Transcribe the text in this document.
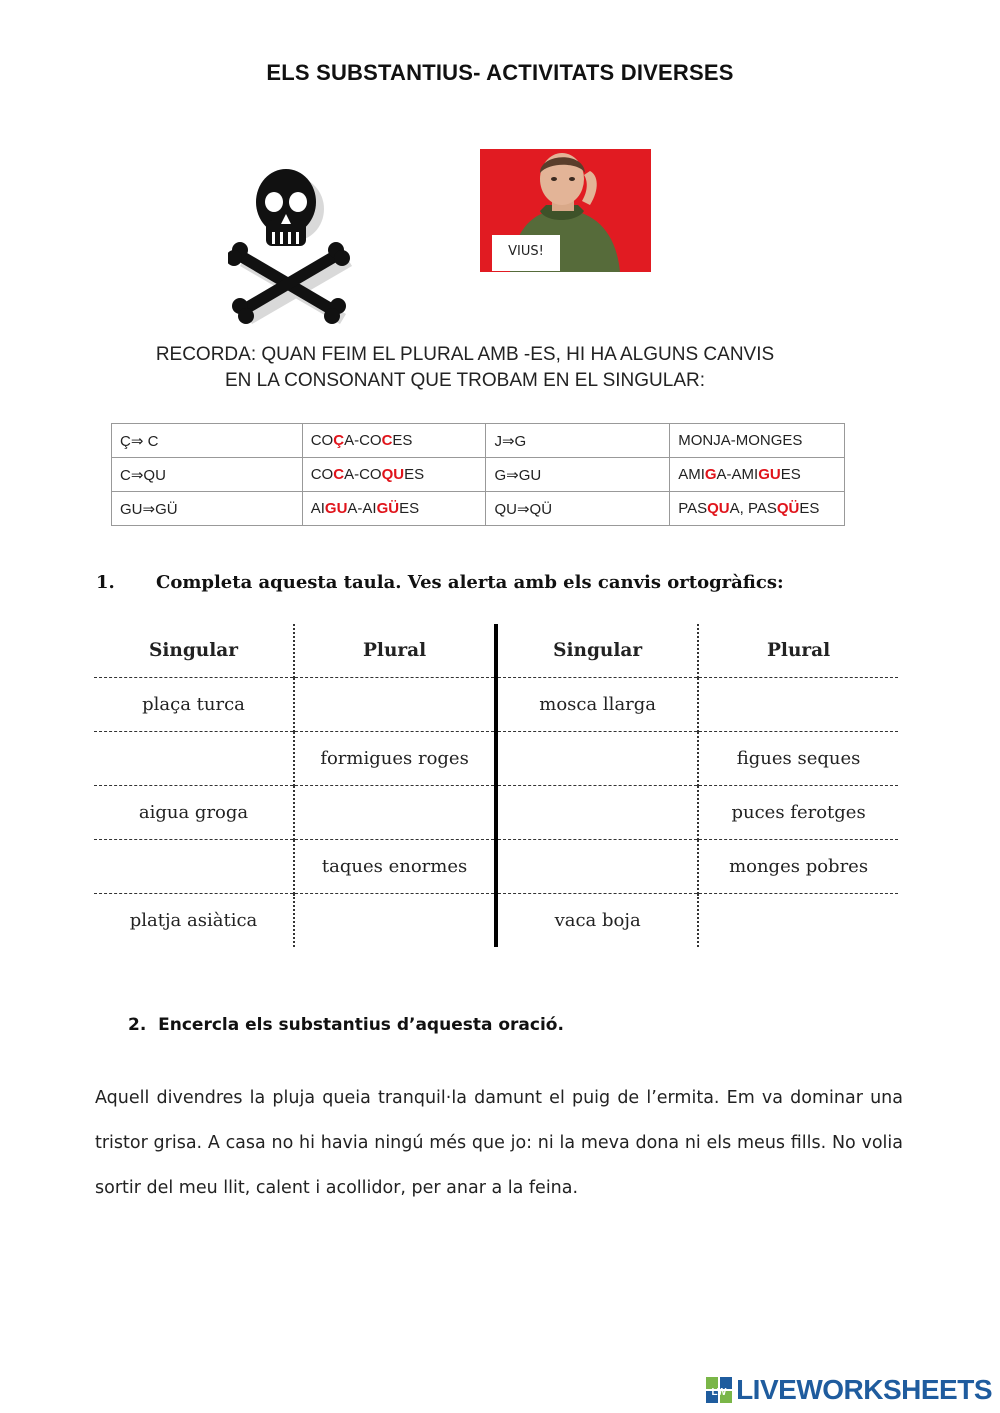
ELS SUBSTANTIUS- ACTIVITATS DIVERSES
VIUS!
RECORDA: QUAN FEIM EL PLURAL AMB -ES, HI HA ALGUNS CANVIS
EN LA CONSONANT QUE TROBAM EN EL SINGULAR:
Ç⇒ C	COÇA-COCES	J⇒G	MONJA-MONGES
C⇒QU	COCA-COQUES	G⇒GU	AMIGA-AMIGUES
GU⇒GÜ	AIGUA-AIGÜES	QU⇒QÜ	PASQUA, PASQÜES
1. Completa aquesta taula. Ves alerta amb els canvis ortogràfics:
Singular	Plural	Singular	Plural
plaça turca		mosca llarga	
	formigues roges		figues seques
aigua groga			puces ferotges
	taques enormes		monges pobres
platja asiàtica		vaca boja	
2. Encercla els substantius d’aquesta oració.
Aquell divendres la pluja queia tranquil·la damunt el puig de l’ermita. Em va dominar una tristor grisa. A casa no hi havia ningú més que jo: ni la meva dona ni els meus fills. No volia sortir del meu llit, calent i acollidor, per anar a la feina.
LW LIVEWORKSHEETS
